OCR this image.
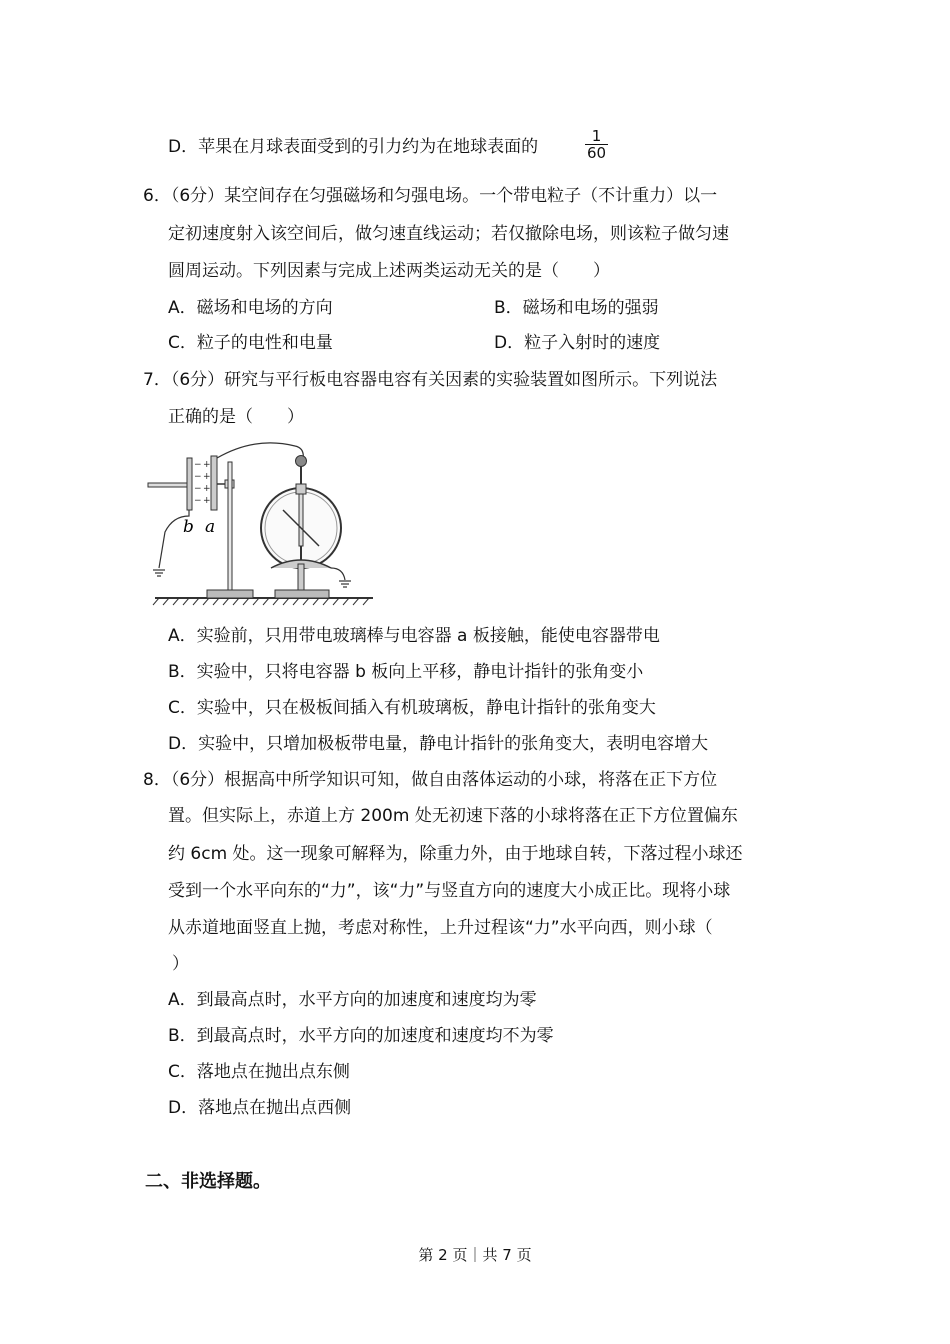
D．苹果在月球表面受到的引力约为在地球表面的
1
60
6．（6分）某空间存在匀强磁场和匀强电场。一个带电粒子（不计重力）以一
定初速度射入该空间后，做匀速直线运动；若仅撤除电场，则该粒子做匀速
圆周运动。下列因素与完成上述两类运动无关的是（　　）
A．磁场和电场的方向	B．磁场和电场的强弱
C．粒子的电性和电量	D．粒子入射时的速度
7．（6分）研究与平行板电容器电容有关因素的实验装置如图所示。下列说法
正确的是（　　）
−
−
−
−
+
+
+
+
b a
A．实验前，只用带电玻璃棒与电容器 a 板接触，能使电容器带电
B．实验中，只将电容器 b 板向上平移，静电计指针的张角变小
C．实验中，只在极板间插入有机玻璃板，静电计指针的张角变大
D．实验中，只增加极板带电量，静电计指针的张角变大，表明电容增大
8．（6分）根据高中所学知识可知，做自由落体运动的小球，将落在正下方位
置。但实际上，赤道上方 200m 处无初速下落的小球将落在正下方位置偏东
约 6cm 处。这一现象可解释为，除重力外，由于地球自转，下落过程小球还
受到一个水平向东的“力”，该“力”与竖直方向的速度大小成正比。现将小球
从赤道地面竖直上抛，考虑对称性，上升过程该“力”水平向西，则小球（
）
A．到最高点时，水平方向的加速度和速度均为零
B．到最高点时，水平方向的加速度和速度均不为零
C．落地点在抛出点东侧
D．落地点在抛出点西侧
二、非选择题。
第 2 页｜共 7 页
